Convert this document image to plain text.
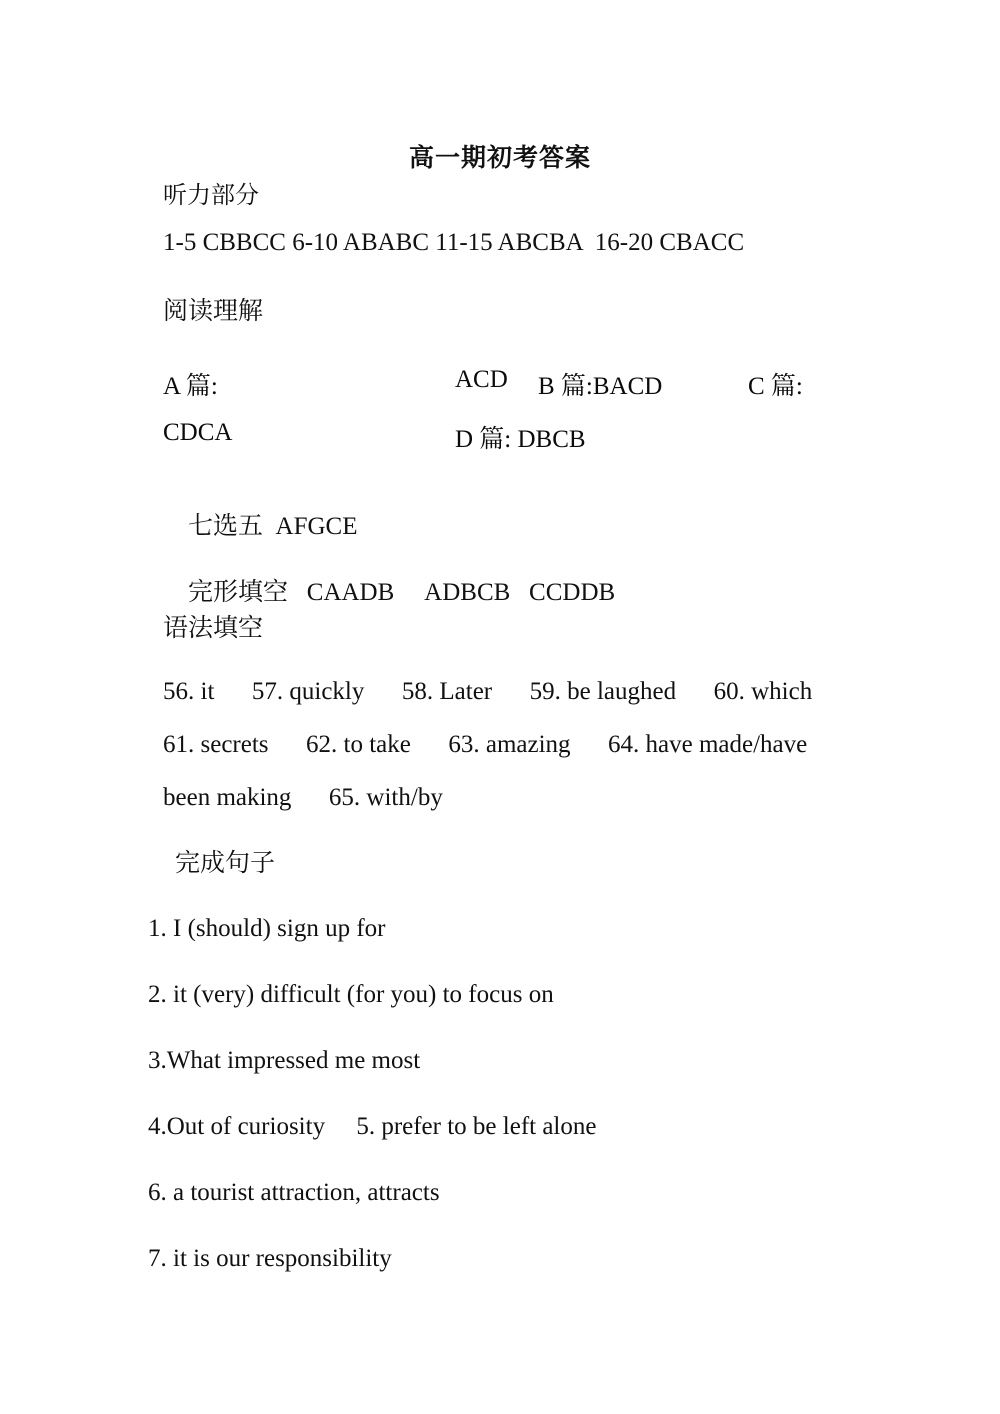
高一期初考答案
听力部分
1-5 CBBCC 6-10 ABABC 11-15 ABCBA  16-20 CBACC
阅读理解

A 篇:

	ACD

B 篇:BACD

	C 篇:

CDCA

	D 篇: DBCB

七选五 AFGCE

完形填空 CAADB ADBCB CCDDB

语法填空
56. it      57. quickly      58. Later      59. be laughed      60. which
61. secrets      62. to take      63. amazing      64. have made/have
been making      65. with/by
完成句子
1. I (should) sign up for
2. it (very) difficult (for you) to focus on
3.What impressed me most
4.Out of curiosity     5. prefer to be left alone
6. a tourist attraction, attracts
7. it is our responsibility
